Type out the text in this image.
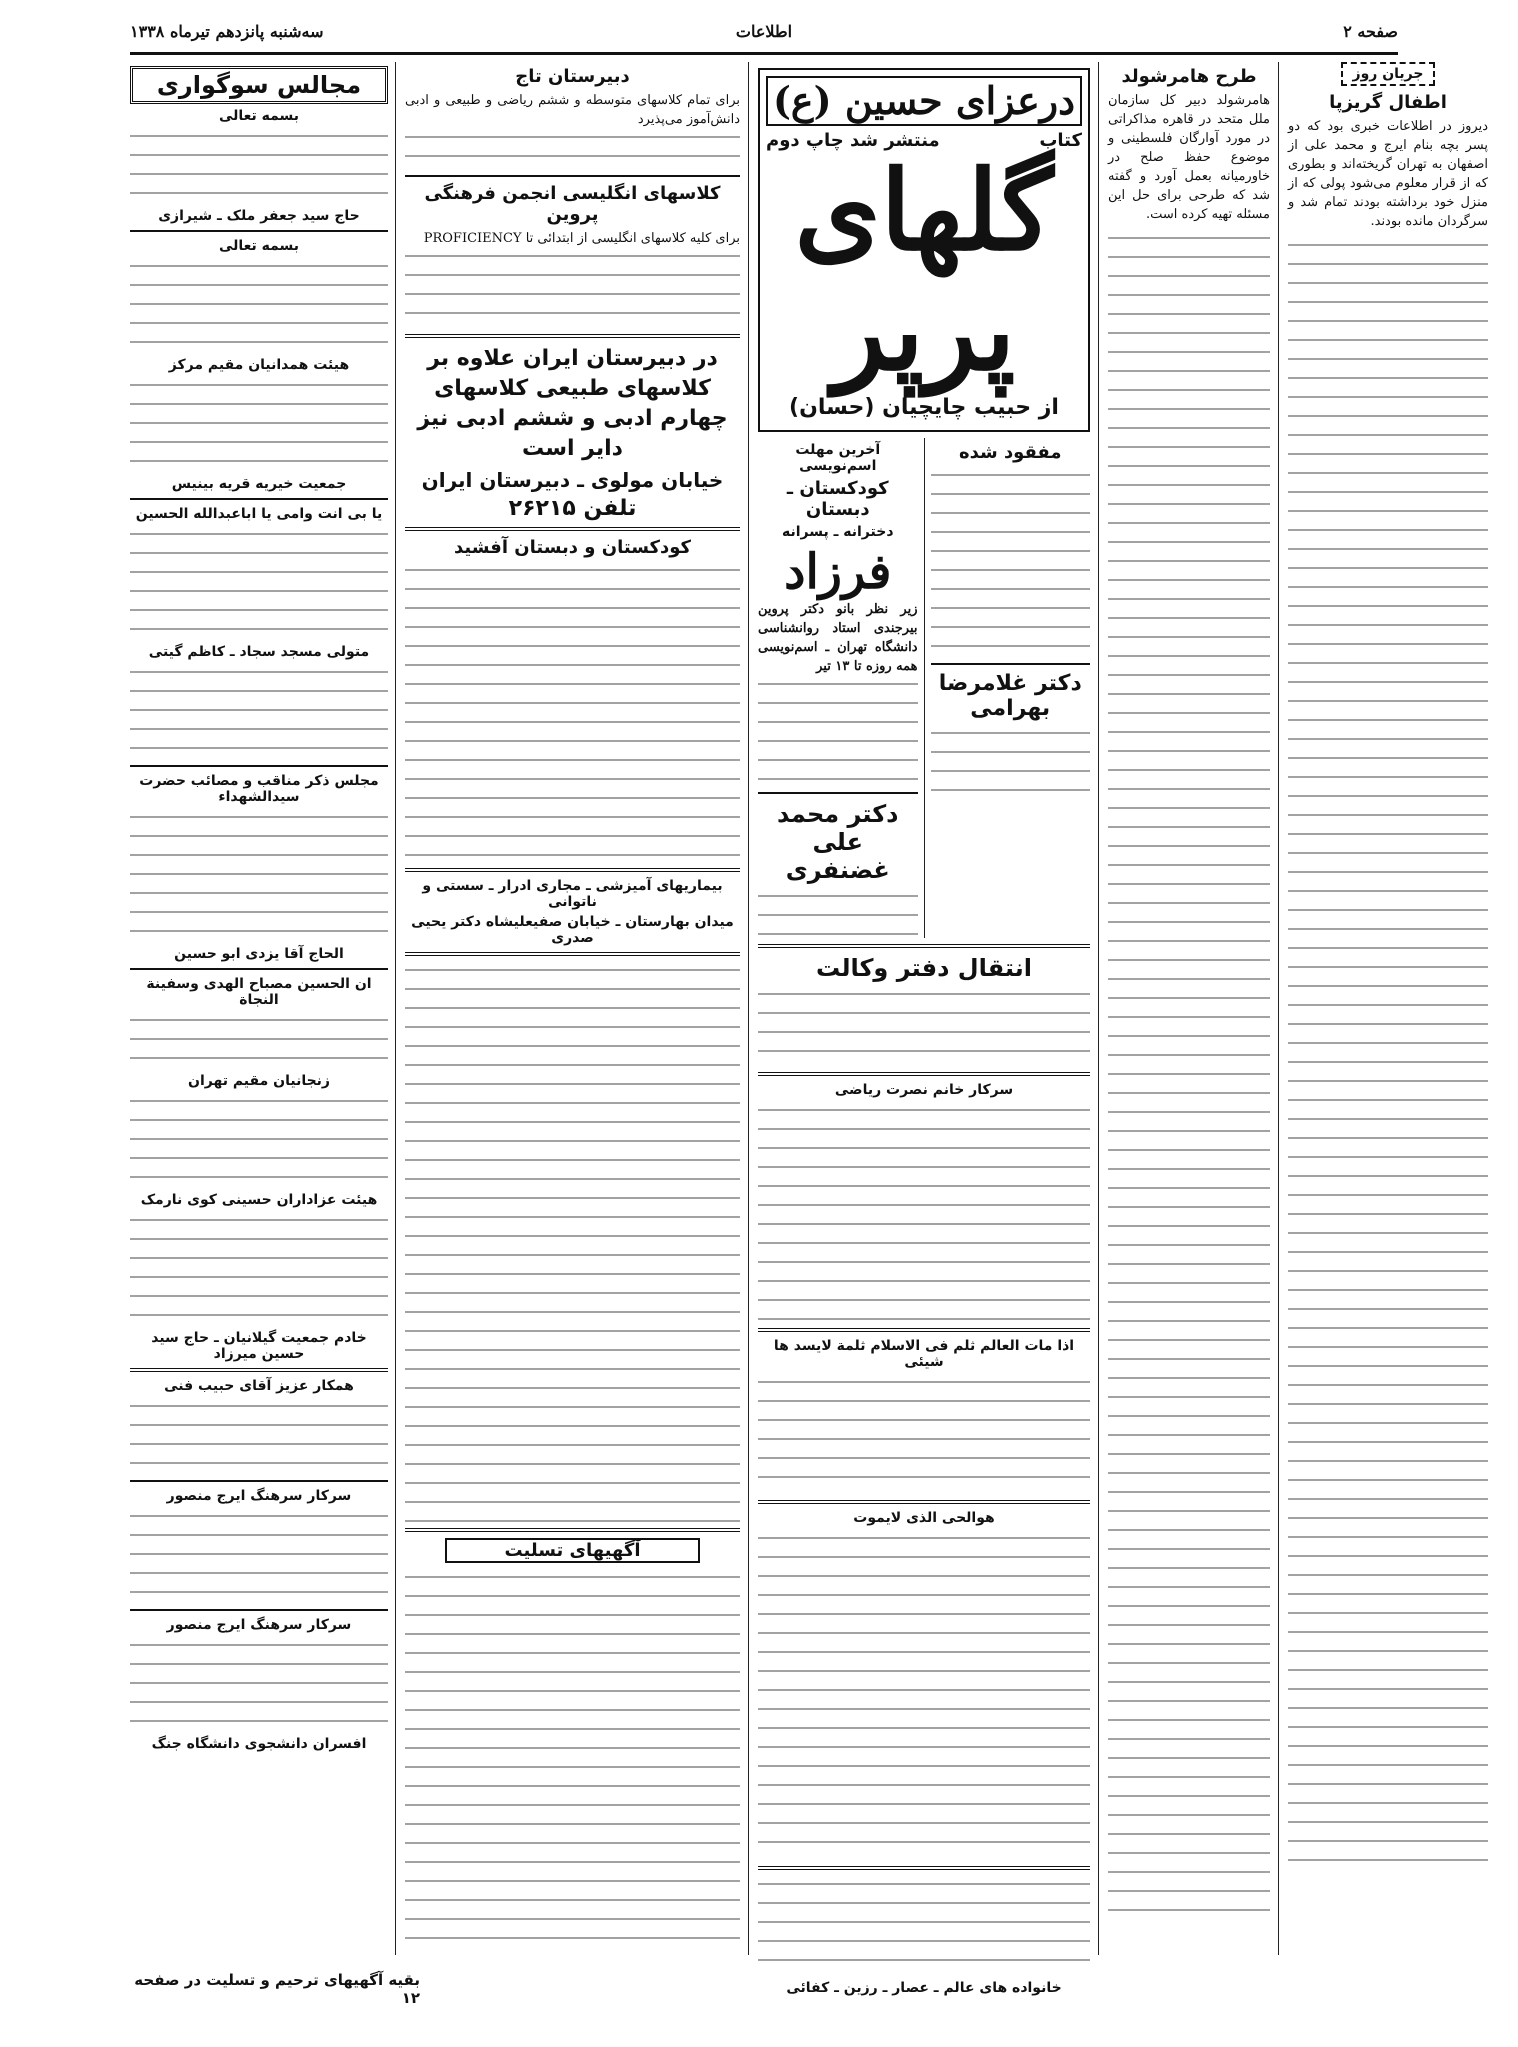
صفحه ۲
اطلاعات
سه‌شنبه پانزدهم تیرماه ۱۳۳۸
جریان روز
اطفال گریزپا
دیروز در اطلاعات خبری بود که دو پسر بچه بنام ایرج و محمد علی از اصفهان به تهران گریخته‌اند و بطوری که از قرار معلوم می‌شود پولی که از منزل خود برداشته بودند تمام شد و سرگردان مانده بودند.
طرح هامرشولد
هامرشولد دبیر کل سازمان ملل متحد در قاهره مذاکراتی در مورد آوارگان فلسطینی و موضوع حفظ صلح در خاورمیانه بعمل آورد و گفته شد که طرحی برای حل این مسئله تهیه کرده است.
درعزای حسین (ع)
کتاب
منتشر شد چاپ دوم
گلهای پرپر
از حبیب چایچیان (حسان)
مفقود شده
دکتر غلامرضا بهرامی
آخرین مهلت اسم‌نویسی
کودکستان ـ دبستان
دخترانه ـ پسرانه
فرزاد
زیر نظر بانو دکتر پروین بیرجندی استاد روانشناسی دانشگاه تهران ـ اسم‌نویسی همه روزه تا ۱۳ تیر
دکتر محمد علی غضنفری
انتقال دفتر وکالت
سرکار خانم نصرت ریاضی
اذا مات العالم ثلم فی الاسلام ثلمة لایسد ها شیئی
هوالحی الذی لایموت
خانواده های عالم ـ عصار ـ رزین ـ کفائی
دبیرستان تاج
برای تمام کلاسهای متوسطه و ششم ریاضی و طبیعی و ادبی دانش‌آموز می‌پذیرد
کلاسهای انگلیسی انجمن فرهنگی پروین
برای کلیه کلاسهای انگلیسی از ابتدائی تا PROFICIENCY
در دبیرستان ایران علاوه بر کلاسهای طبیعی کلاسهای چهارم ادبی و ششم ادبی نیز دایر است
خیابان مولوی ـ دبیرستان ایران
تلفن ۲۶۲۱۵
کودکستان و دبستان آفشید
بیماریهای آمیزشی ـ مجاری ادرار ـ سستی و ناتوانی
میدان بهارستان ـ خیابان صفیعلیشاه دکتر یحیی صدری
آگهیهای تسلیت
مجالس سوگواری
بسمه تعالی
حاج سید جعفر ملک ـ شیرازی
بسمه تعالی
هیئت همدانیان مقیم مرکز
جمعیت خیریه قریه بینیس
یا بی انت وامی یا اباعبدالله الحسین
متولی مسجد سجاد ـ کاظم گیتی
مجلس ذکر مناقب و مصائب حضرت سیدالشهداء
الحاج آقا یزدی ابو حسین
ان الحسین مصباح الهدی وسفینة النجاة
زنجانیان مقیم تهران
هیئت عزاداران حسینی کوی نارمک
خادم جمعیت گیلانیان ـ حاج سید حسین میرزاد
همکار عزیز آقای حبیب فنی
سرکار سرهنگ ایرج منصور
سرکار سرهنگ ایرج منصور
افسران دانشجوی دانشگاه جنگ
بقیه آگهیهای ترحیم و تسلیت در صفحه ۱۲
